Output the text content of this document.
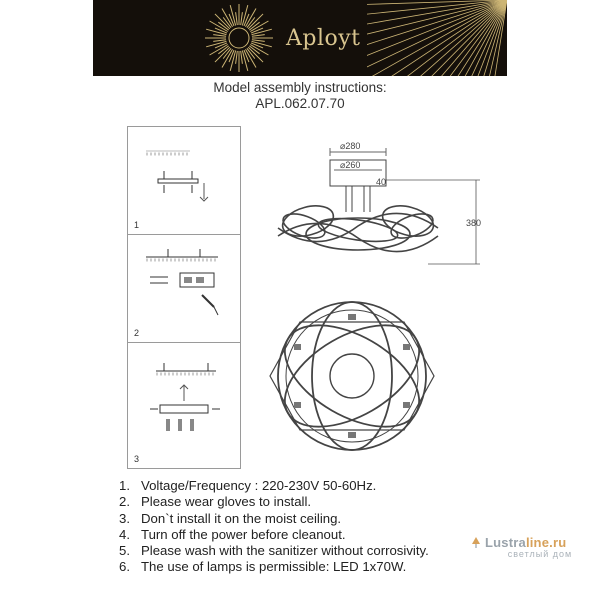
Aployt
Model assembly instructions:
APL.062.07.70
1
2
3
⌀280
⌀260
40
380
1. Voltage/Frequency : 220-230V 50-60Hz.
2. Please wear gloves to install.
3. Don`t install it on the moist ceiling.
4. Turn off the power before cleanout.
5. Please wash with the sanitizer without corrosivity.
6. The use of lamps is permissible: LED 1x70W.
Lustraline.ru
светлый дом
